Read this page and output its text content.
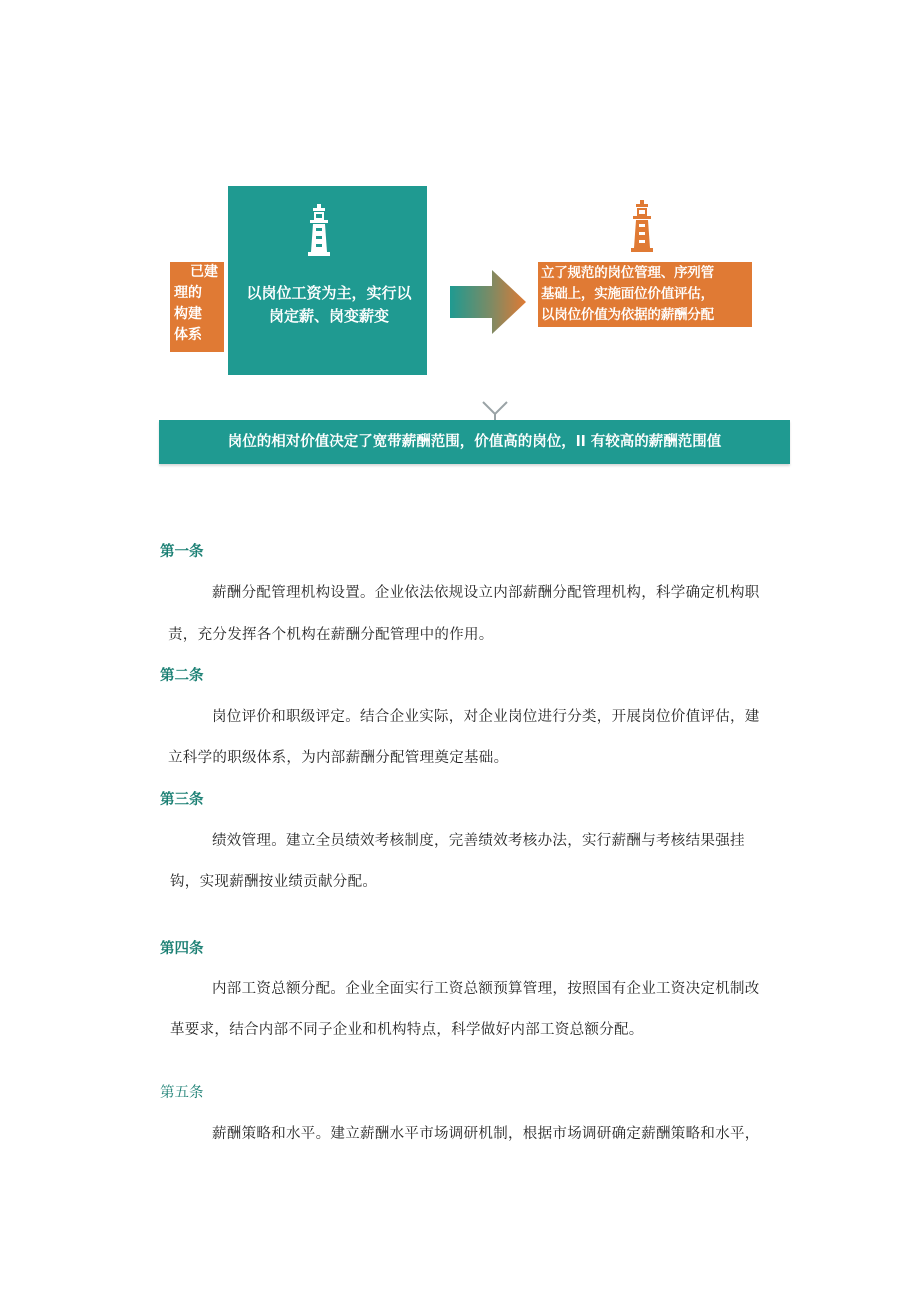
已建
理的
构建
体系
以岗位工资为主，实行以
岗定薪、岗变薪变
立了规范的岗位管理、序列管
基础上，实施面位价值评估，
以岗位价值为依据的薪酬分配
岗位的相对价值决定了宽带薪酬范围，价值高的岗位，ll 有较高的薪酬范围值
第一条
薪酬分配管理机构设置。企业依法依规设立内部薪酬分配管理机构，科学确定机构职
责，充分发挥各个机构在薪酬分配管理中的作用。
第二条
岗位评价和职级评定。结合企业实际，对企业岗位进行分类，开展岗位价值评估，建
立科学的职级体系，为内部薪酬分配管理奠定基础。
第三条
绩效管理。建立全员绩效考核制度，完善绩效考核办法，实行薪酬与考核结果强挂
钩，实现薪酬按业绩贡献分配。
第四条
内部工资总额分配。企业全面实行工资总额预算管理，按照国有企业工资决定机制改
革要求，结合内部不同子企业和机构特点，科学做好内部工资总额分配。
第五条
薪酬策略和水平。建立薪酬水平市场调研机制，根据市场调研确定薪酬策略和水平，
